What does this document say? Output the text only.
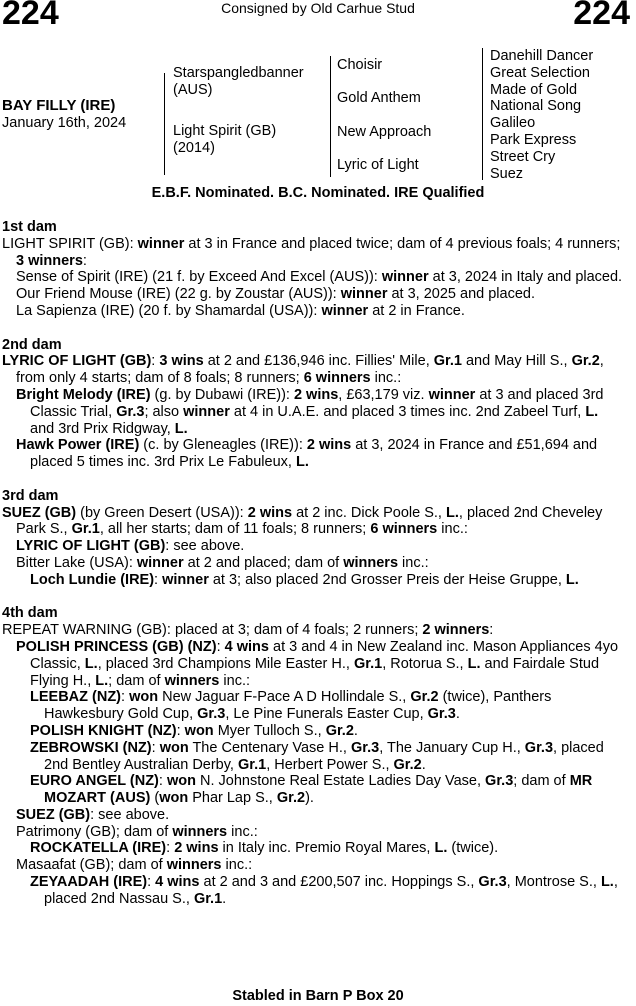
224	Consigned by Old Carhue Stud	224
BAY FILLY (IRE)
January 16th, 2024
Starspangledbanner
(AUS)
Light Spirit (GB)
(2014)
Choisir
Gold Anthem
New Approach
Lyric of Light
Danehill Dancer
Great Selection
Made of Gold
National Song
Galileo
Park Express
Street Cry
Suez
E.B.F. Nominated. B.C. Nominated. IRE Qualified

1st dam

LIGHT SPIRIT (GB): winner at 3 in France and placed twice; dam of 4 previous foals; 4 runners; 3 winners:

Sense of Spirit (IRE) (21 f. by Exceed And Excel (AUS)): winner at 3, 2024 in Italy and placed.

Our Friend Mouse (IRE) (22 g. by Zoustar (AUS)): winner at 3, 2025 and placed.

La Sapienza (IRE) (20 f. by Shamardal (USA)): winner at 2 in France.

2nd dam

LYRIC OF LIGHT (GB): 3 wins at 2 and £136,946 inc. Fillies' Mile, Gr.1 and May Hill S., Gr.2, from only 4 starts; dam of 8 foals; 8 runners; 6 winners inc.:

Bright Melody (IRE) (g. by Dubawi (IRE)): 2 wins, £63,179 viz. winner at 3 and placed 3rd Classic Trial, Gr.3; also winner at 4 in U.A.E. and placed 3 times inc. 2nd Zabeel Turf, L. and 3rd Prix Ridgway, L.

Hawk Power (IRE) (c. by Gleneagles (IRE)): 2 wins at 3, 2024 in France and £51,694 and placed 5 times inc. 3rd Prix Le Fabuleux, L.

3rd dam

SUEZ (GB) (by Green Desert (USA)): 2 wins at 2 inc. Dick Poole S., L., placed 2nd Cheveley Park S., Gr.1, all her starts; dam of 11 foals; 8 runners; 6 winners inc.:

LYRIC OF LIGHT (GB): see above.

Bitter Lake (USA): winner at 2 and placed; dam of winners inc.:

Loch Lundie (IRE): winner at 3; also placed 2nd Grosser Preis der Heise Gruppe, L.

4th dam

REPEAT WARNING (GB): placed at 3; dam of 4 foals; 2 runners; 2 winners:

POLISH PRINCESS (GB) (NZ): 4 wins at 3 and 4 in New Zealand inc. Mason Appliances 4yo Classic, L., placed 3rd Champions Mile Easter H., Gr.1, Rotorua S., L. and Fairdale Stud Flying H., L.; dam of winners inc.:

LEEBAZ (NZ): won New Jaguar F-Pace A D Hollindale S., Gr.2 (twice), Panthers Hawkesbury Gold Cup, Gr.3, Le Pine Funerals Easter Cup, Gr.3.

POLISH KNIGHT (NZ): won Myer Tulloch S., Gr.2.

ZEBROWSKI (NZ): won The Centenary Vase H., Gr.3, The January Cup H., Gr.3, placed 2nd Bentley Australian Derby, Gr.1, Herbert Power S., Gr.2.

EURO ANGEL (NZ): won N. Johnstone Real Estate Ladies Day Vase, Gr.3; dam of MR MOZART (AUS) (won Phar Lap S., Gr.2).

SUEZ (GB): see above.

Patrimony (GB); dam of winners inc.:

ROCKATELLA (IRE): 2 wins in Italy inc. Premio Royal Mares, L. (twice).

Masaafat (GB); dam of winners inc.:

ZEYAADAH (IRE): 4 wins at 2 and 3 and £200,507 inc. Hoppings S., Gr.3, Montrose S., L., placed 2nd Nassau S., Gr.1.

Stabled in Barn P Box 20
